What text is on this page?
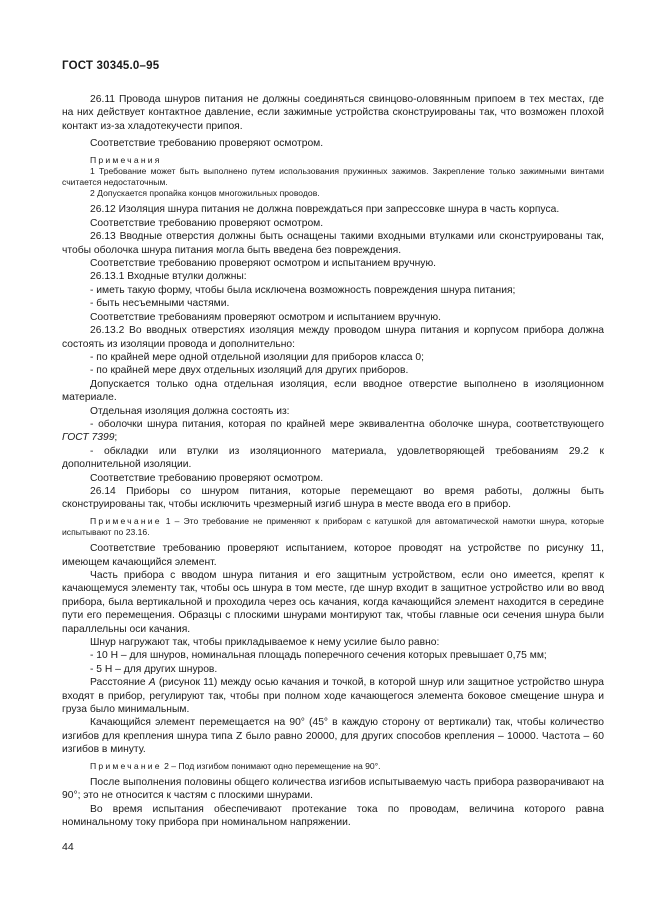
ГОСТ 30345.0–95

26.11 Провода шнуров питания не должны соединяться свинцово-оловянным припоем в тех местах, где на них действует контактное давление, если зажимные устройства сконструированы так, что возможен плохой контакт из-за хладотекучести припоя.

Соответствие требованию проверяют осмотром.

Примечания

1 Требование может быть выполнено путем использования пружинных зажимов. Закрепление только зажимными винтами считается недостаточным.

2 Допускается пропайка концов многожильных проводов.

26.12 Изоляция шнура питания не должна повреждаться при запрессовке шнура в часть корпуса.

Соответствие требованию проверяют осмотром.

26.13 Вводные отверстия должны быть оснащены такими входными втулками или сконструированы так, чтобы оболочка шнура питания могла быть введена без повреждения.

Соответствие требованию проверяют осмотром и испытанием вручную.

26.13.1 Входные втулки должны:

- иметь такую форму, чтобы была исключена возможность повреждения шнура питания;

- быть несъемными частями.

Соответствие требованиям проверяют осмотром и испытанием вручную.

26.13.2 Во вводных отверстиях изоляция между проводом шнура питания и корпусом прибора должна состоять из изоляции провода и дополнительно:

- по крайней мере одной отдельной изоляции для приборов класса 0;

- по крайней мере двух отдельных изоляций для других приборов.

Допускается только одна отдельная изоляция, если вводное отверстие выполнено в изоляционном материале.

Отдельная изоляция должна состоять из:

- оболочки шнура питания, которая по крайней мере эквивалентна оболочке шнура, соответствующего ГОСТ 7399;

- обкладки или втулки из изоляционного материала, удовлетворяющей требованиям 29.2 к дополнительной изоляции.

Соответствие требованию проверяют осмотром.

26.14 Приборы со шнуром питания, которые перемещают во время работы, должны быть сконструированы так, чтобы исключить чрезмерный изгиб шнура в месте ввода его в прибор.

Примечание 1 – Это требование не применяют к приборам с катушкой для автоматической намотки шнура, которые испытывают по 23.16.

Соответствие требованию проверяют испытанием, которое проводят на устройстве по рисунку 11, имеющем качающийся элемент.

Часть прибора с вводом шнура питания и его защитным устройством, если оно имеется, крепят к качающемуся элементу так, чтобы ось шнура в том месте, где шнур входит в защитное устройство или во ввод прибора, была вертикальной и проходила через ось качания, когда качающийся элемент находится в середине пути его перемещения. Образцы с плоскими шнурами монтируют так, чтобы главные оси сечения шнура были параллельны оси качания.

Шнур нагружают так, чтобы прикладываемое к нему усилие было равно:

- 10 Н – для шнуров, номинальная площадь поперечного сечения которых превышает 0,75 мм;

- 5 Н – для других шнуров.

Расстояние А (рисунок 11) между осью качания и точкой, в которой шнур или защитное устройство шнура входят в прибор, регулируют так, чтобы при полном ходе качающегося элемента боковое смещение шнура и груза было минимальным.

Качающийся элемент перемещается на 90° (45° в каждую сторону от вертикали) так, чтобы количество изгибов для крепления шнура типа Z было равно 20000, для других способов крепления – 10000. Частота – 60 изгибов в минуту.

Примечание 2 – Под изгибом понимают одно перемещение на 90°.

После выполнения половины общего количества изгибов испытываемую часть прибора разворачивают на 90°; это не относится к частям с плоскими шнурами.

Во время испытания обеспечивают протекание тока по проводам, величина которого равна номинальному току прибора при номинальном напряжении.

44
